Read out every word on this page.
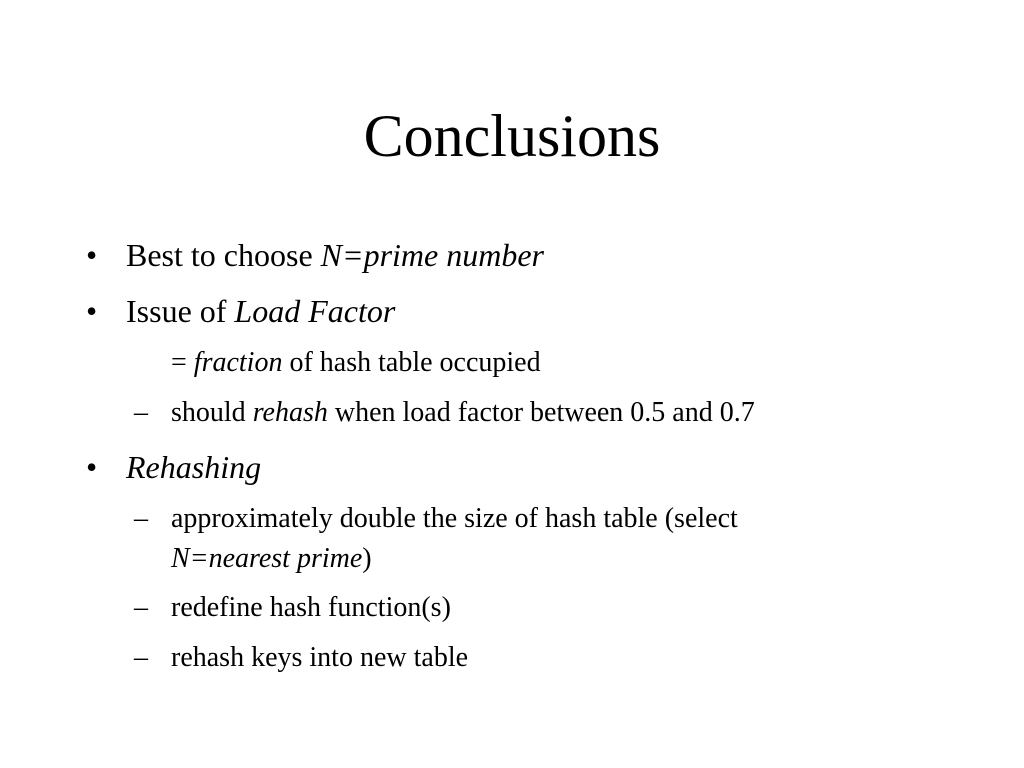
Conclusions
• Best to choose N=prime number
• Issue of Load Factor
= fraction of hash table occupied
– should rehash when load factor between 0.5 and 0.7
• Rehashing
– approximately double the size of hash table (select
N=nearest prime)
– redefine hash function(s)
– rehash keys into new table
